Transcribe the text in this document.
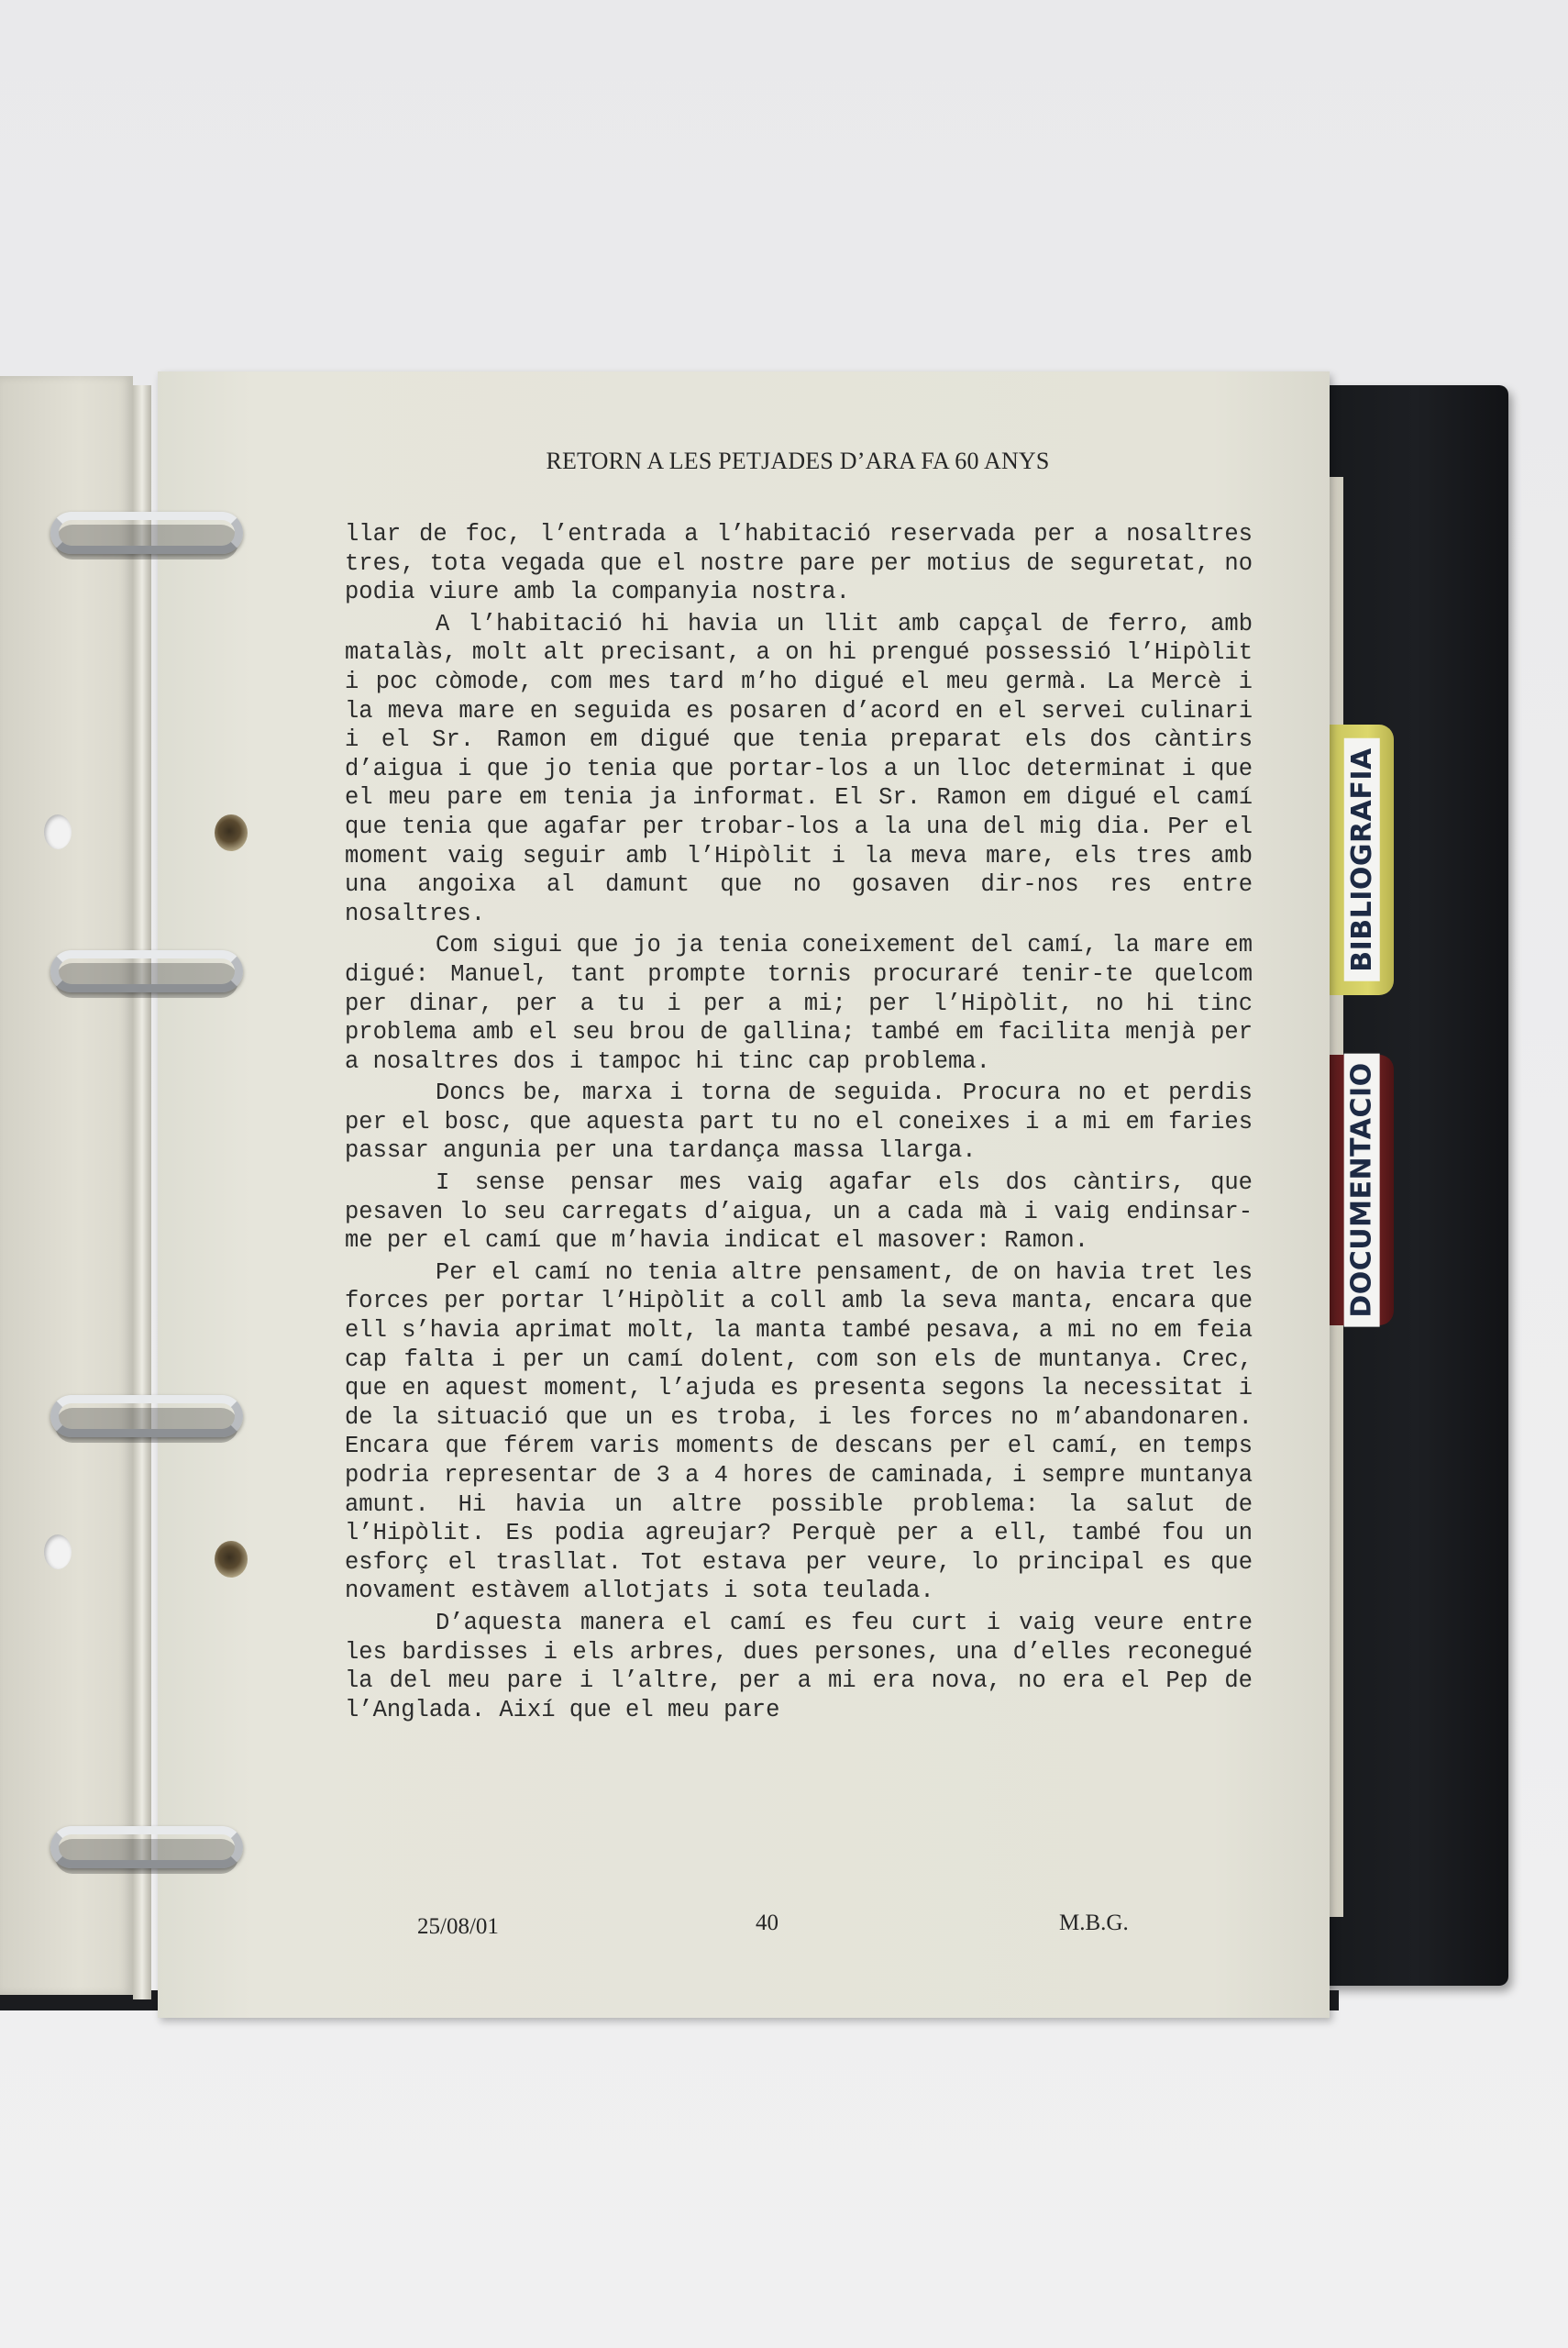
BIBLIOGRAFIA
DOCUMENTACIO
RETORN A LES PETJADES D’ARA FA 60 ANYS

llar de foc, l’entrada a l’habitació reservada per a nosaltres tres, tota vegada que el nostre pare per motius de seguretat, no podia viure amb la companyia nostra.

A l’habitació hi havia un llit amb capçal de ferro, amb matalàs, molt alt precisant, a on hi prengué possessió l’Hipòlit i poc còmode, com mes tard m’ho digué el meu germà. La Mercè i la meva mare en seguida es posaren d’acord en el servei culinari i el Sr. Ramon em digué que tenia preparat els dos càntirs d’aigua i que jo tenia que portar-los a un lloc determinat i que el meu pare em tenia ja informat. El Sr. Ramon em digué el camí que tenia que agafar per trobar-los a la una del mig dia. Per el moment vaig seguir amb l’Hipòlit i la meva mare, els tres amb una angoixa al damunt que no gosaven dir-nos res entre nosaltres.

Com sigui que jo ja tenia coneixement del camí, la mare em digué: Manuel, tant prompte tornis procuraré tenir-te quelcom per dinar, per a tu i per a mi; per l’Hipòlit, no hi tinc problema amb el seu brou de gallina; també em facilita menjà per a nosaltres dos i tampoc hi tinc cap problema.

Doncs be, marxa i torna de seguida. Procura no et perdis per el bosc, que aquesta part tu no el coneixes i a mi em faries passar angunia per una tardança massa llarga.

I sense pensar mes vaig agafar els dos càntirs, que pesaven lo seu carregats d’aigua, un a cada mà i vaig endinsar-me per el camí que m’havia indicat el masover: Ramon.

Per el camí no tenia altre pensament, de on havia tret les forces per portar l’Hipòlit a coll amb la seva manta, encara que ell s’havia aprimat molt, la manta també pesava, a mi no em feia cap falta i per un camí dolent, com son els de muntanya. Crec, que en aquest moment, l’ajuda es presenta segons la necessitat i de la situació que un es troba, i les forces no m’abandonaren. Encara que férem varis moments de descans per el camí, en temps podria representar de 3 a 4 hores de caminada, i sempre muntanya amunt. Hi havia un altre possible problema: la salut de l’Hipòlit. Es podia agreujar? Perquè per a ell, també fou un esforç el trasllat. Tot estava per veure, lo principal es que novament estàvem allotjats i sota teulada.

D’aquesta manera el camí es feu curt i vaig veure entre les bardisses i els arbres, dues persones, una d’elles reconegué la del meu pare i l’altre, per a mi era nova, no era el Pep de l’Anglada. Així que el meu pare

25/08/01	40	M.B.G.
